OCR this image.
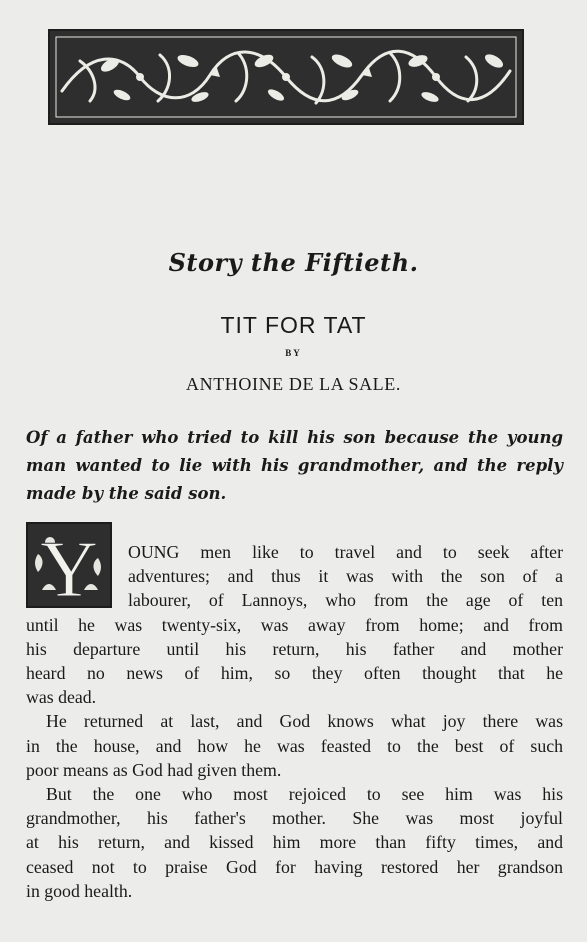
Story the Fiftieth.
TIT FOR TAT
BY
ANTHOINE DE LA SALE.
Of a father who tried to kill his son because the young man wanted to lie with his grandmother, and the reply made by the said son.
Y	OUNG men like to travel and to seek after
adventures; and thus it was with the son of a
labourer, of Lannoys, who from the age of ten
until he was twenty-six, was away from home; and from
his departure until his return, his father and mother
heard no news of him, so they often thought that he
was dead.
He returned at last, and God knows what joy there was
in the house, and how he was feasted to the best of such
poor means as God had given them.
But the one who most rejoiced to see him was his
grandmother, his father's mother. She was most joyful
at his return, and kissed him more than fifty times, and
ceased not to praise God for having restored her grandson
in good health.
